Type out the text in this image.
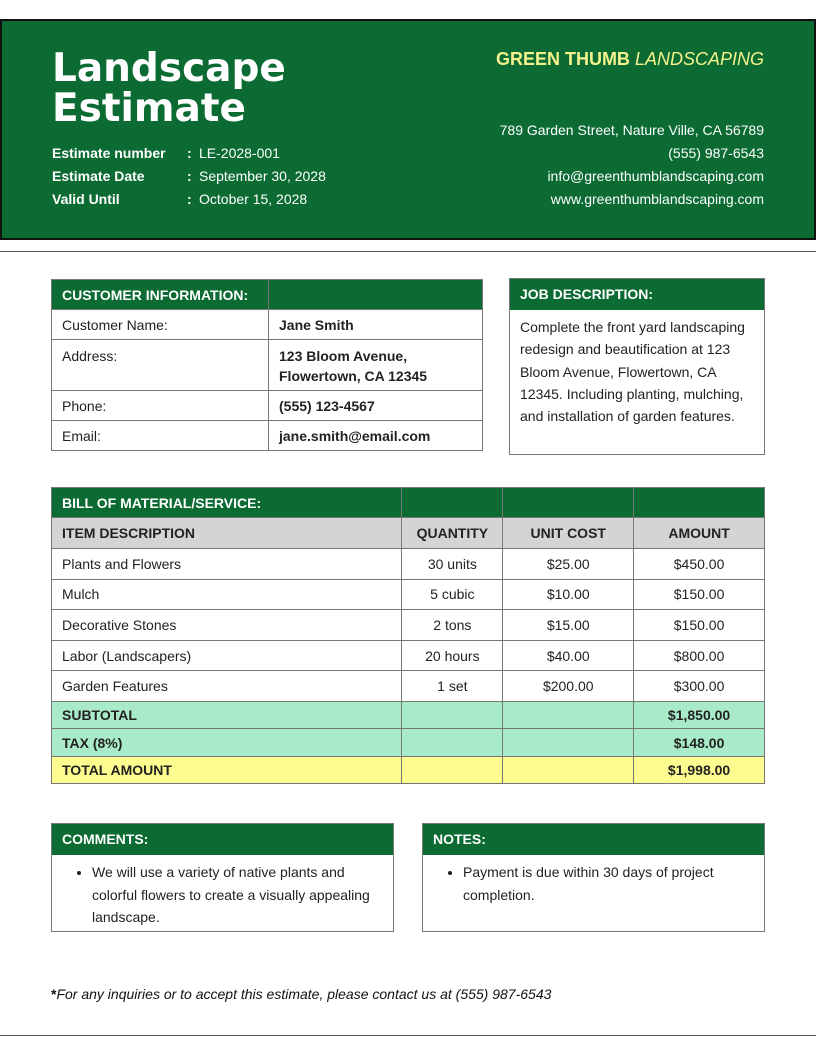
Landscape
Estimate
Estimate number	: LE-2028-001
Estimate Date	: September 30, 2028
Valid Until	: October 15, 2028
GREEN THUMB LANDSCAPING
789 Garden Street, Nature Ville, CA 56789
(555) 987-6543
info@greenthumblandscaping.com
www.greenthumblandscaping.com
CUSTOMER INFORMATION:	
Customer Name:	Jane Smith
Address:	123 Bloom Avenue,
Flowertown, CA 12345

Phone:	(555) 123-4567
Email:	jane.smith@email.com
JOB DESCRIPTION:
Complete the front yard landscaping redesign and beautification at 123 Bloom Avenue, Flowertown, CA 12345. Including planting, mulching, and installation of garden features.
BILL OF MATERIAL/SERVICE:			
ITEM DESCRIPTION	QUANTITY	UNIT COST	AMOUNT
Plants and Flowers	30 units	$25.00	$450.00
Mulch	5 cubic	$10.00	$150.00
Decorative Stones	2 tons	$15.00	$150.00
Labor (Landscapers)	20 hours	$40.00	$800.00
Garden Features	1 set	$200.00	$300.00
SUBTOTAL			$1,850.00
TAX (8%)			$148.00
TOTAL AMOUNT			$1,998.00
COMMENTS:
• We will use a variety of native plants and colorful flowers to create a visually appealing landscape.
NOTES:
• Payment is due within 30 days of project completion.
*For any inquiries or to accept this estimate, please contact us at (555) 987-6543
